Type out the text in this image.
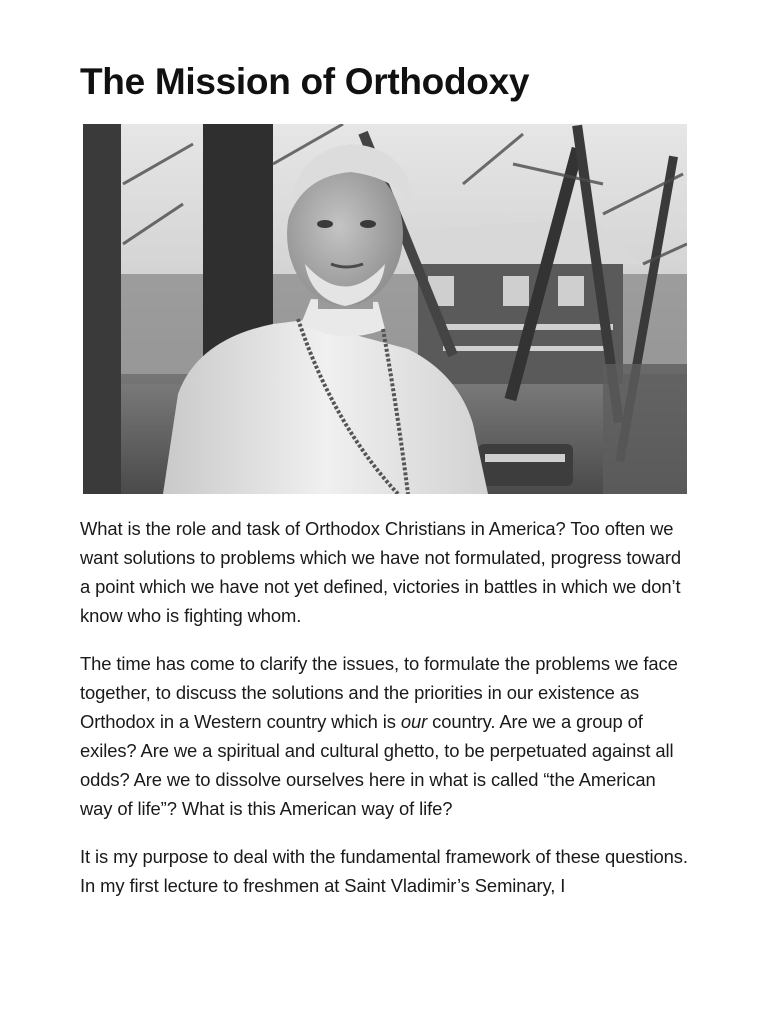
The Mission of Orthodoxy

What is the role and task of Orthodox Christians in America? Too often we want solutions to problems which we have not formulated, progress toward a point which we have not yet defined, victories in battles in which we don’t know who is fighting whom.

The time has come to clarify the issues, to formulate the problems we face together, to discuss the solutions and the priorities in our existence as Orthodox in a Western country which is our country. Are we a group of exiles? Are we a spiritual and cultural ghetto, to be perpetuated against all odds? Are we to dissolve ourselves here in what is called “the American way of life”? What is this American way of life?

It is my purpose to deal with the fundamental framework of these questions. In my first lecture to freshmen at Saint Vladimir’s Seminary, I
